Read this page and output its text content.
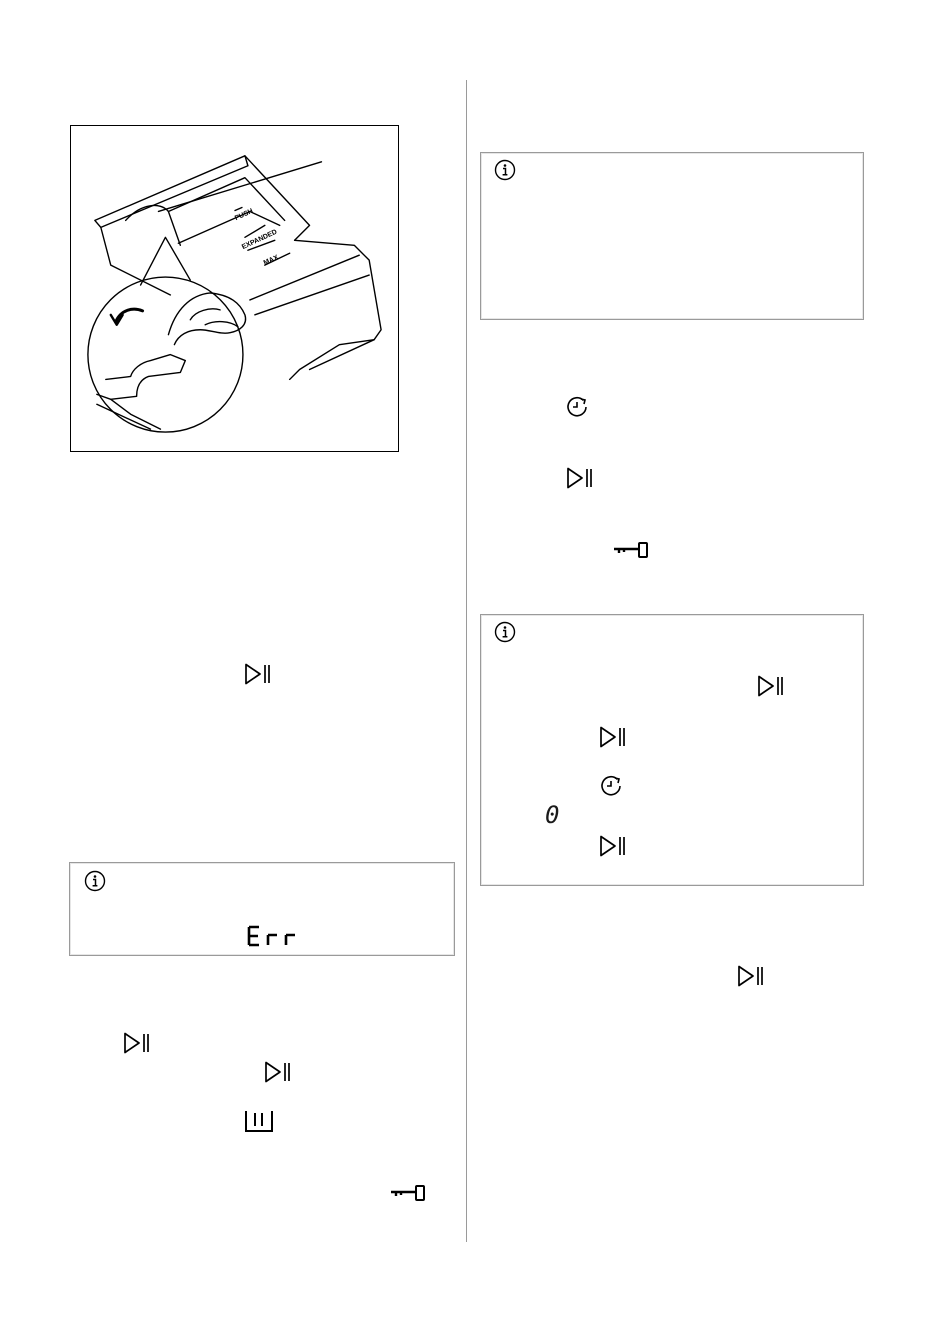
PUSH
EXPANDED
MAX
0
